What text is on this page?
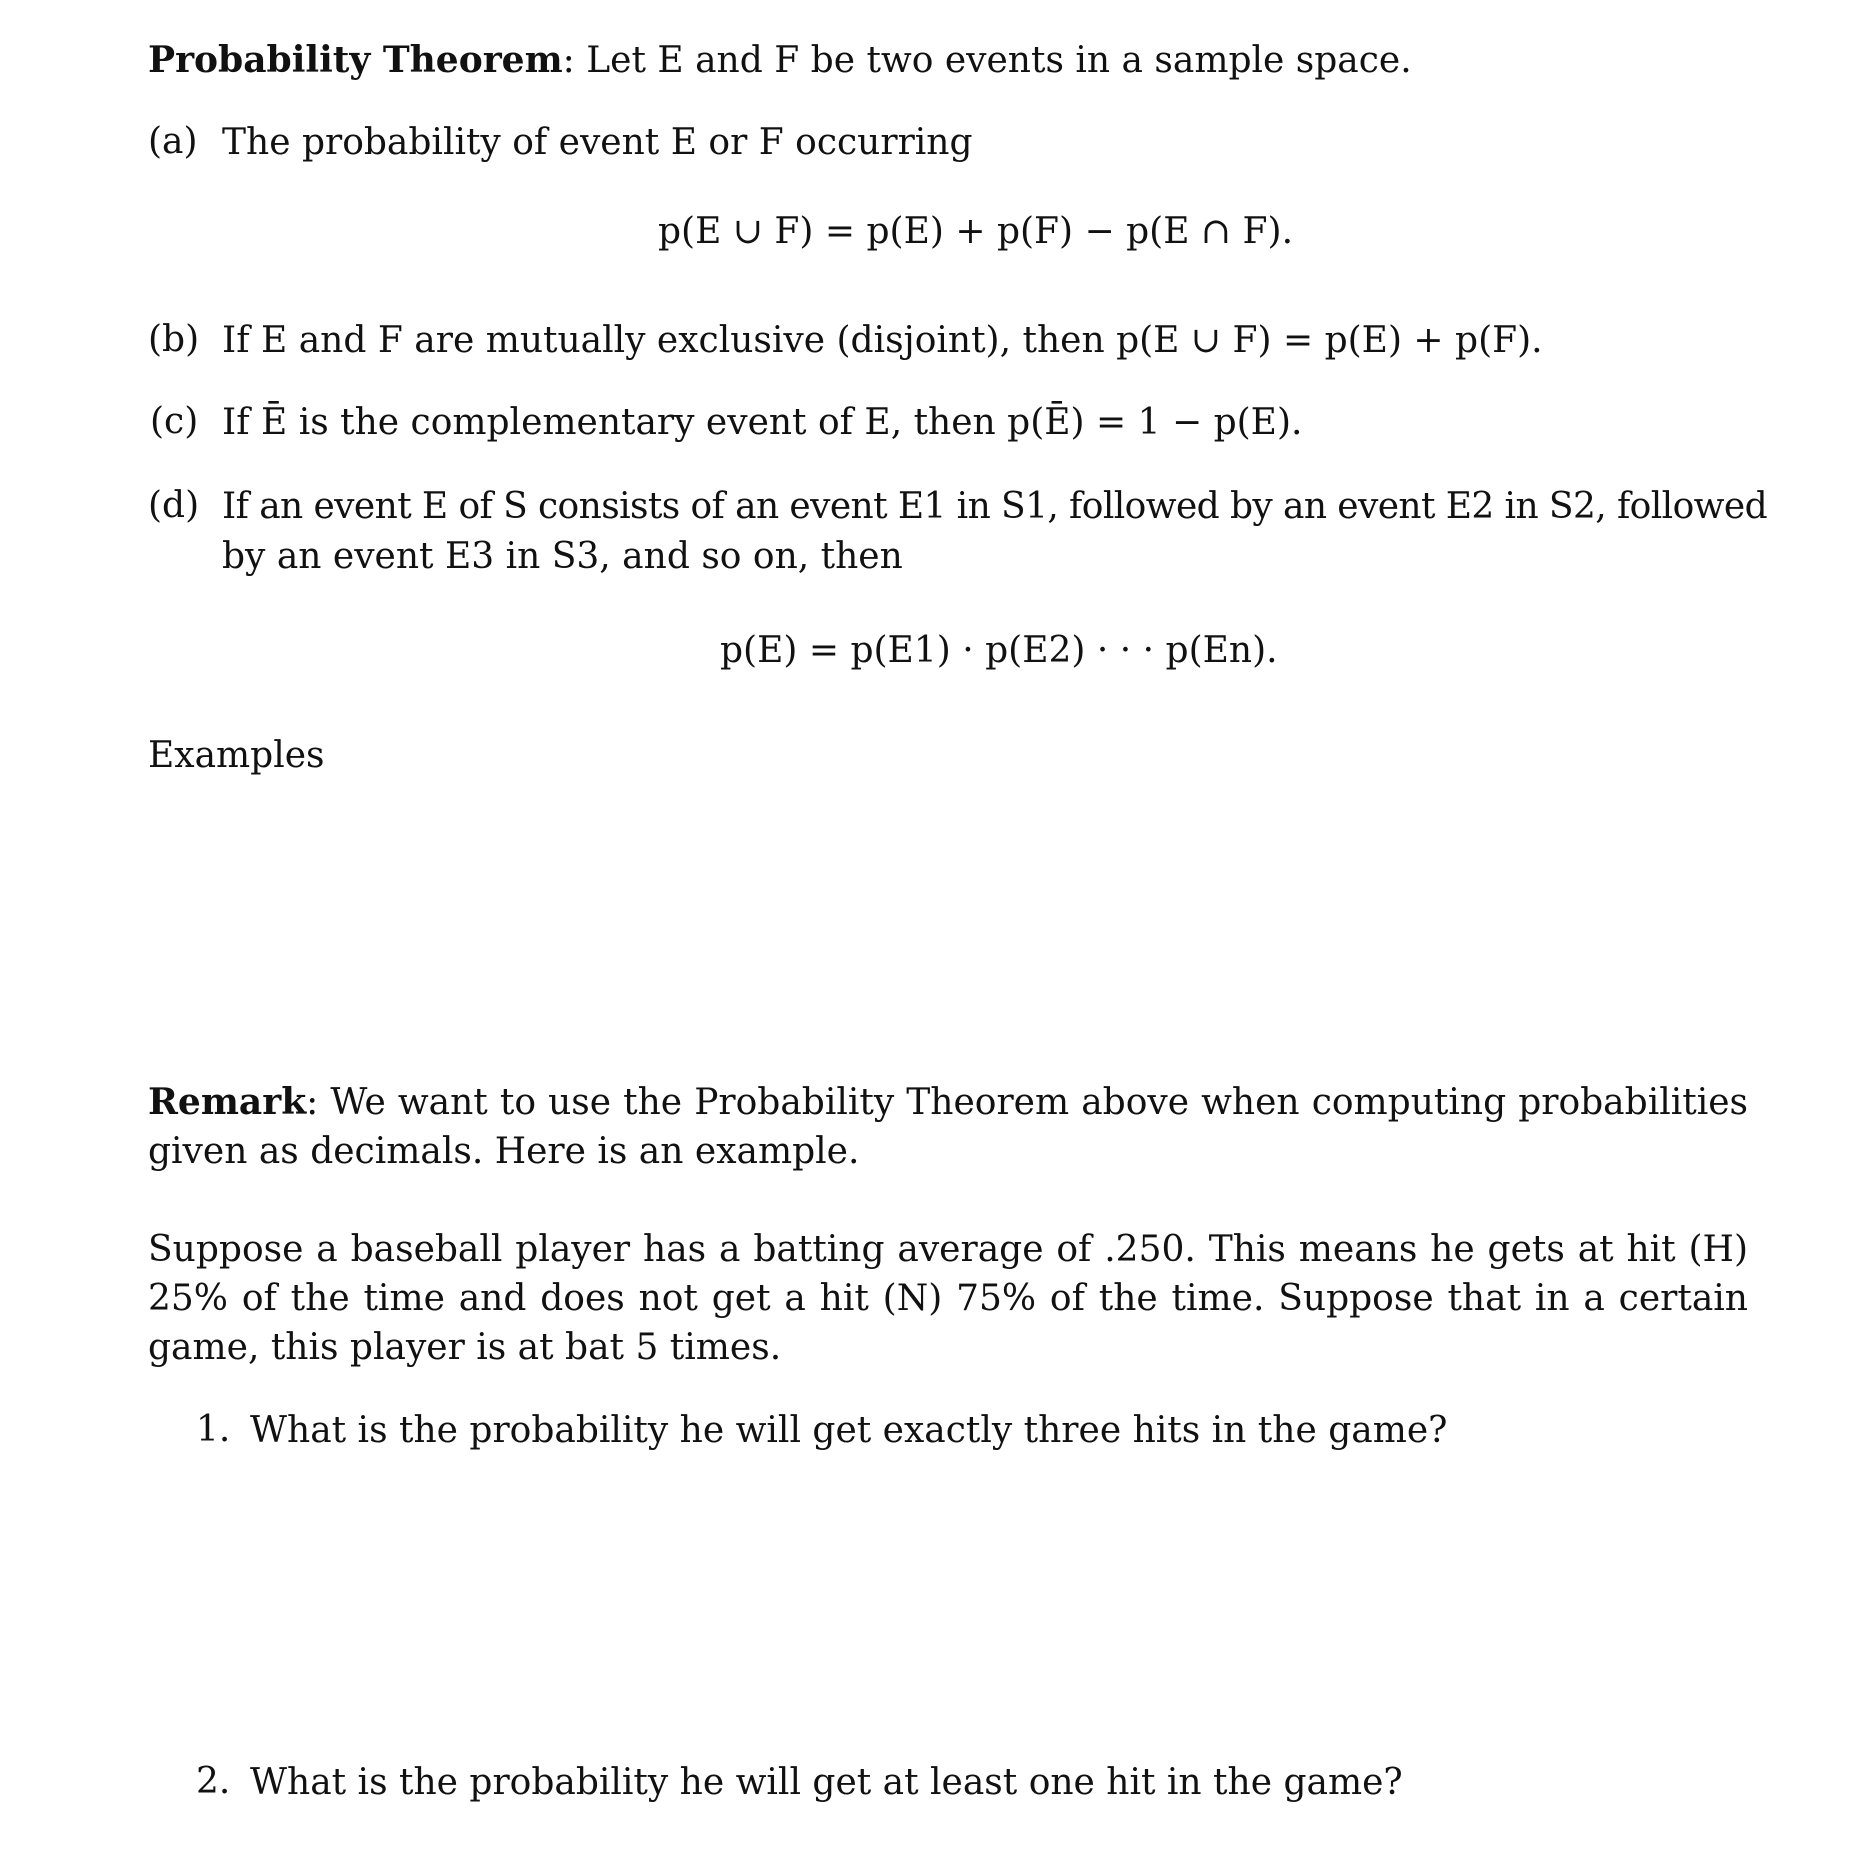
Probability Theorem: Let E and F be two events in a sample space.
(a) The probability of event E or F occurring
p(E ∪ F) = p(E) + p(F) − p(E ∩ F).
(b) If E and F are mutually exclusive (disjoint), then p(E ∪ F) = p(E) + p(F).
(c) If Ē is the complementary event of E, then p(Ē) = 1 − p(E).
(d) If an event E of S consists of an event E1 in S1, followed by an event E2 in S2, followed
by an event E3 in S3, and so on, then
p(E) = p(E1) · p(E2) · · · p(En).
Examples
Remark: We want to use the Probability Theorem above when computing probabilities given as decimals. Here is an example.
Suppose a baseball player has a batting average of .250. This means he gets at hit (H) 25% of the time and does not get a hit (N) 75% of the time. Suppose that in a certain game, this player is at bat 5 times.
1. What is the probability he will get exactly three hits in the game?
2. What is the probability he will get at least one hit in the game?
